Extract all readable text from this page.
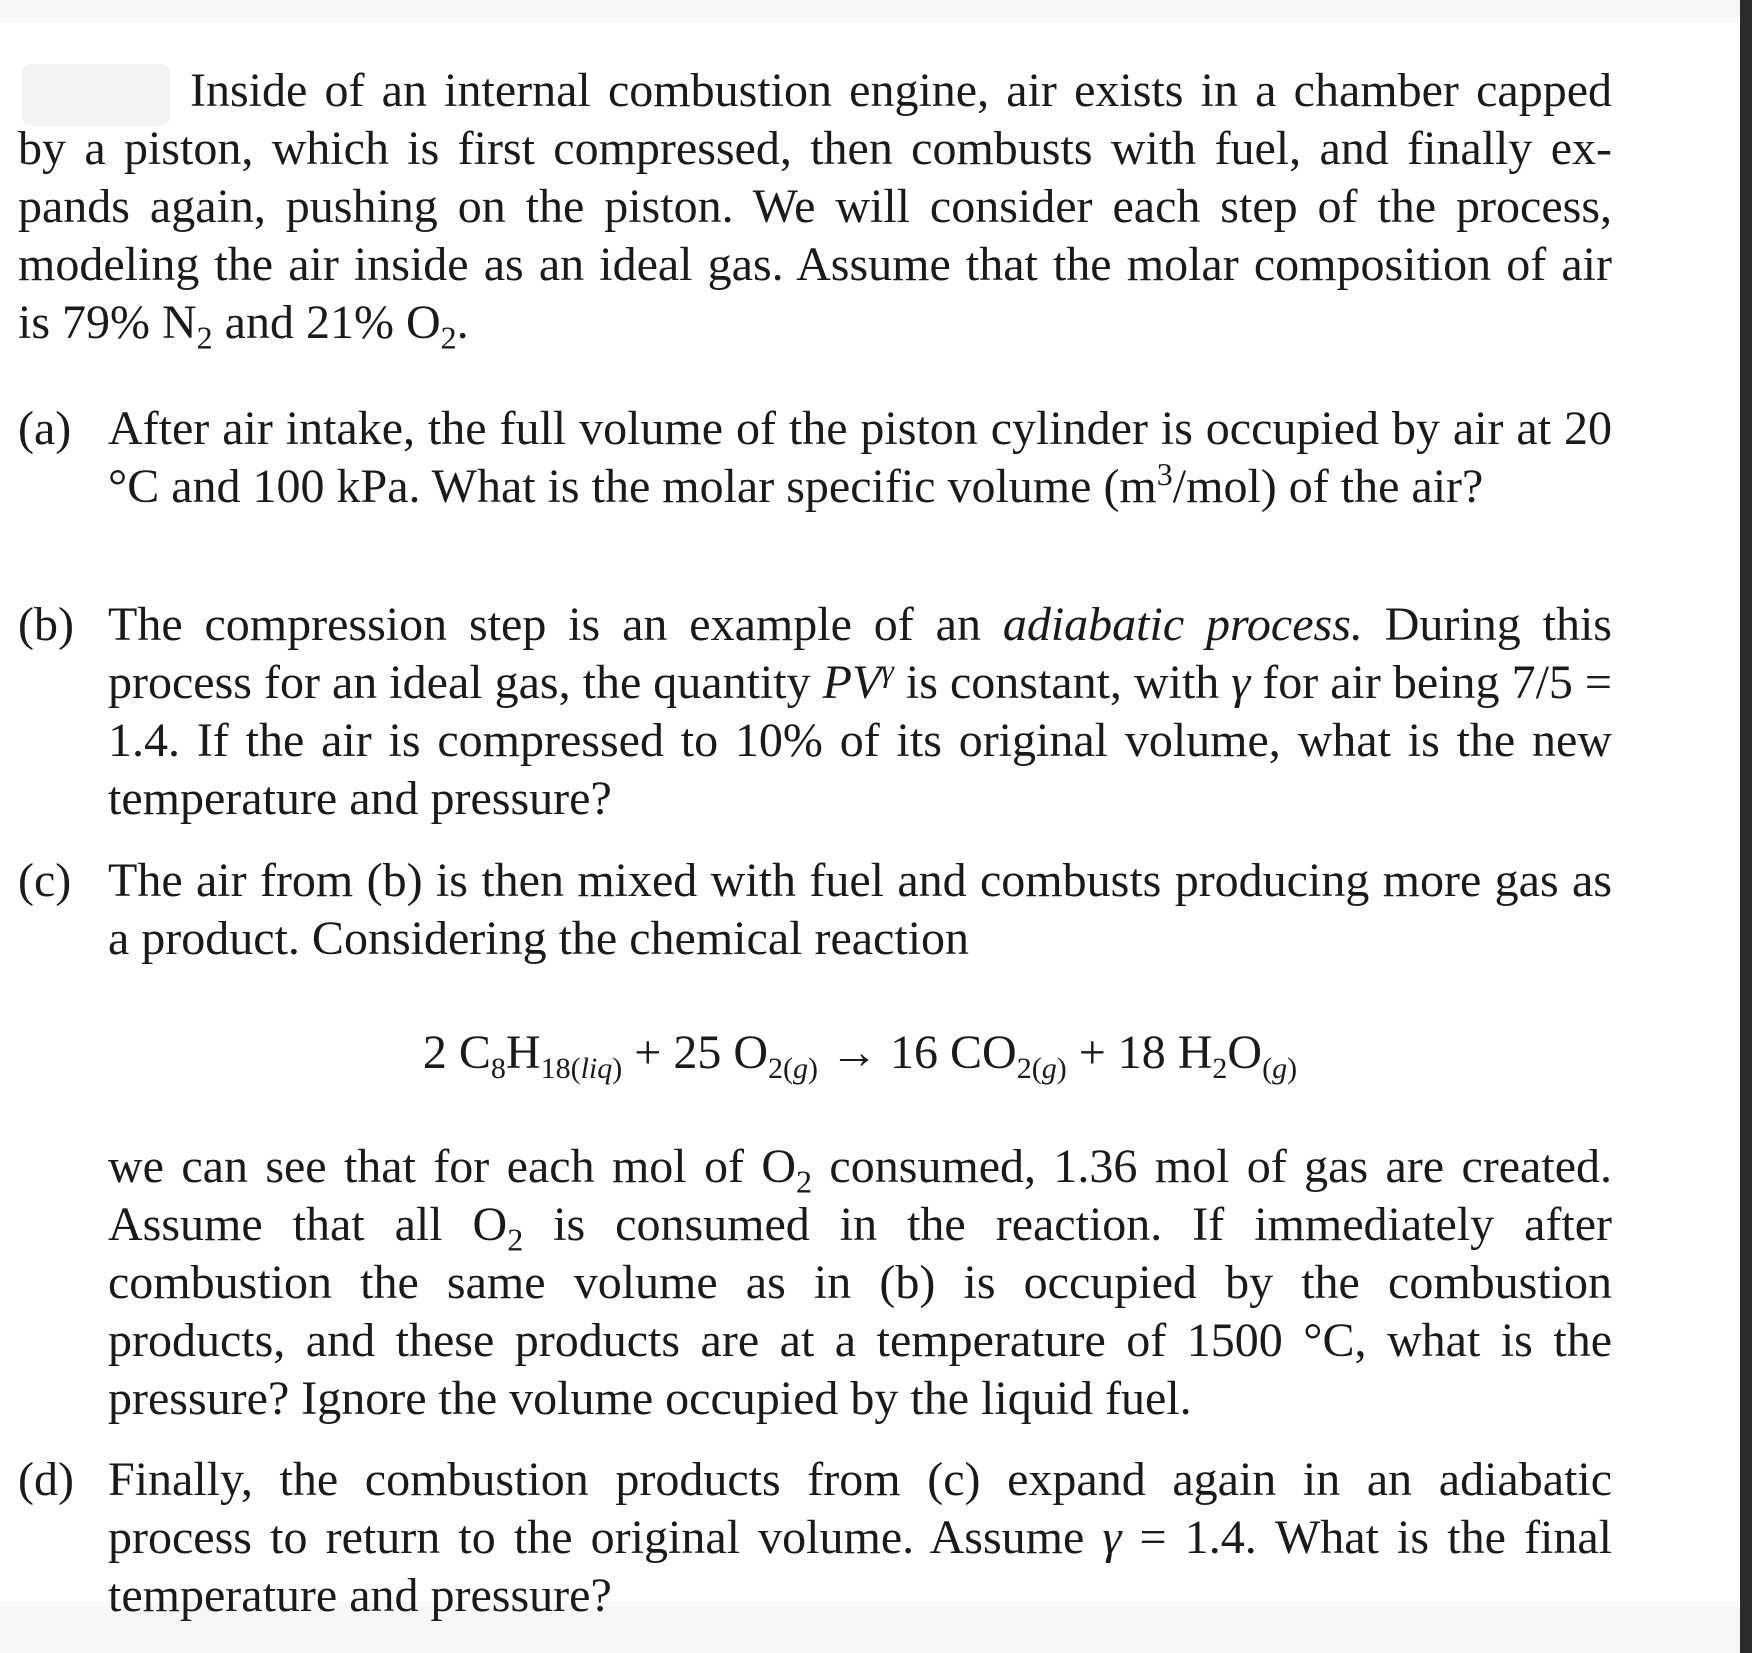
Inside of an internal combustion engine, air exists in a chamber capped by a piston, which is first compressed, then combusts with fuel, and finally ex-pands again, pushing on the piston. We will consider each step of the process, modeling the air inside as an ideal gas. Assume that the molar composition of air is 79% $N_2$ and 21% $O_2$.

(a) After air intake, the full volume of the piston cylinder is occupied by air at 20 °C and 100 kPa. What is the molar specific volume $(m^3/mol)$ of the air?

(b) The compression step is an example of an adiabatic process. During this process for an ideal gas, the quantity $PV^\gamma$ is constant, with γ for air being 7/5 = 1.4. If the air is compressed to 10% of its original volume, what is the new temperature and pressure?

(c) The air from (b) is then mixed with fuel and combusts producing more gas as a product. Considering the chemical reaction

2 $C_8H_{18(liq)} + 25$ $O_{2(g)} \to 16$ $CO_{2(g)} + 18$ $H_2O_{(g)}$

we can see that for each mol of $O_2$ consumed, 1.36 mol of gas are created. Assume that all $O_2$ is consumed in the reaction. If immediately after combustion the same volume as in (b) is occupied by the combustion products, and these products are at a temperature of 1500 °C, what is the pressure? Ignore the volume occupied by the liquid fuel.

(d) Finally, the combustion products from (c) expand again in an adiabatic process to return to the original volume. Assume γ = 1.4. What is the final temperature and pressure?
